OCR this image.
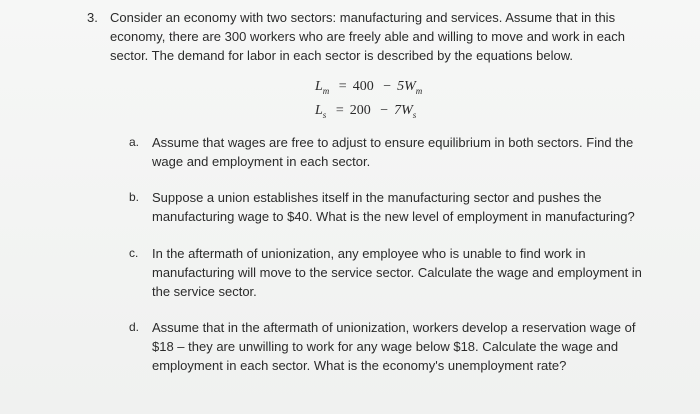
3. Consider an economy with two sectors: manufacturing and services. Assume that in this
economy, there are 300 workers who are freely able and willing to move and work in each
sector. The demand for labor in each sector is described by the equations below.
$L_m = 400 - 5W_m$
$L_s = 200 - 7W_s$
a. Assume that wages are free to adjust to ensure equilibrium in both sectors. Find the
wage and employment in each sector.
b. Suppose a union establishes itself in the manufacturing sector and pushes the
manufacturing wage to $40. What is the new level of employment in manufacturing?
c. In the aftermath of unionization, any employee who is unable to find work in
manufacturing will move to the service sector. Calculate the wage and employment in
the service sector.
d. Assume that in the aftermath of unionization, workers develop a reservation wage of
$18 – they are unwilling to work for any wage below $18. Calculate the wage and
employment in each sector. What is the economy's unemployment rate?
